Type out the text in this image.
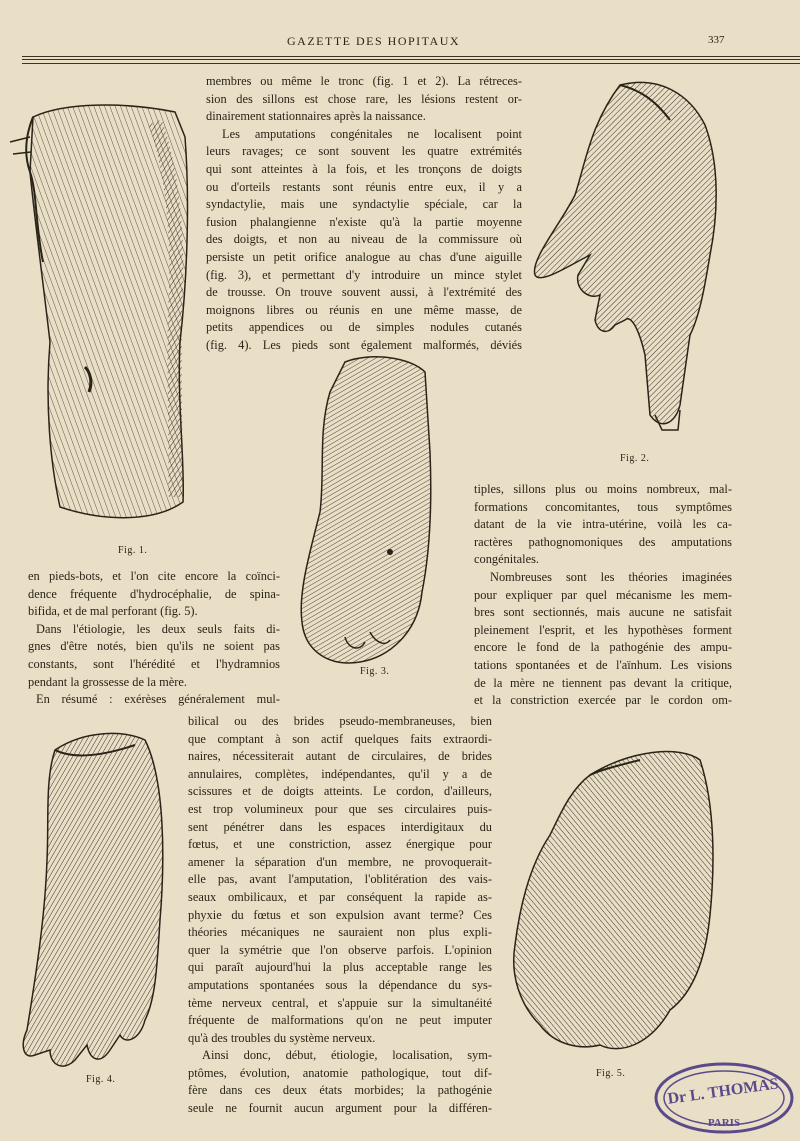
GAZETTE DES HOPITAUX	337
membres ou même le tronc (fig. 1 et 2). La rétreces-
sion des sillons est chose rare, les lésions restent or-
dinairement stationnaires après la naissance.
Les amputations congénitales ne localisent point
leurs ravages; ce sont souvent les quatre extrémités
qui sont atteintes à la fois, et les tronçons de doigts
ou d'orteils restants sont réunis entre eux, il y a
syndactylie, mais une syndactylie spéciale, car la
fusion phalangienne n'existe qu'à la partie moyenne
des doigts, et non au niveau de la commissure où
persiste un petit orifice analogue au chas d'une aiguille
(fig. 3), et permettant d'y introduire un mince stylet
de trousse. On trouve souvent aussi, à l'extrémité des
moignons libres ou réunis en une même masse, de
petits appendices ou de simples nodules cutanés
(fig. 4). Les pieds sont également malformés, déviés
en pieds-bots, et l'on cite encore la coïnci-
dence fréquente d'hydrocéphalie, de spina-
bifida, et de mal perforant (fig. 5).
Dans l'étiologie, les deux seuls faits di-
gnes d'être notés, bien qu'ils ne soient pas
constants, sont l'hérédité et l'hydramnios
pendant la grossesse de la mère.
En résumé : exérèses généralement mul-
tiples, sillons plus ou moins nombreux, mal-
formations concomitantes, tous symptômes
datant de la vie intra-utérine, voilà les ca-
ractères pathognomoniques des amputations
congénitales.
Nombreuses sont les théories imaginées
pour expliquer par quel mécanisme les mem-
bres sont sectionnés, mais aucune ne satisfait
pleinement l'esprit, et les hypothèses forment
encore le fond de la pathogénie des ampu-
tations spontanées et de l'aïnhum. Les visions
de la mère ne tiennent pas devant la critique,
et la constriction exercée par le cordon om-
bilical ou des brides pseudo-membraneuses, bien
que comptant à son actif quelques faits extraordi-
naires, nécessiterait autant de circulaires, de brides
annulaires, complètes, indépendantes, qu'il y a de
scissures et de doigts atteints. Le cordon, d'ailleurs,
est trop volumineux pour que ses circulaires puis-
sent pénétrer dans les espaces interdigitaux du
fœtus, et une constriction, assez énergique pour
amener la séparation d'un membre, ne provoquerait-
elle pas, avant l'amputation, l'oblitération des vais-
seaux ombilicaux, et par conséquent la rapide as-
phyxie du fœtus et son expulsion avant terme? Ces
théories mécaniques ne sauraient non plus expli-
quer la symétrie que l'on observe parfois. L'opinion
qui paraît aujourd'hui la plus acceptable range les
amputations spontanées sous la dépendance du sys-
tème nerveux central, et s'appuie sur la simultanéité
fréquente de malformations qu'on ne peut imputer
qu'à des troubles du système nerveux.
Ainsi donc, début, étiologie, localisation, sym-
ptômes, évolution, anatomie pathologique, tout dif-
fère dans ces deux états morbides; la pathogénie
seule ne fournit aucun argument pour la différen-
Fig. 1.
Fig. 2.
Fig. 3.
Fig. 4.
Fig. 5.
Dr L. THOMAS
PARIS
